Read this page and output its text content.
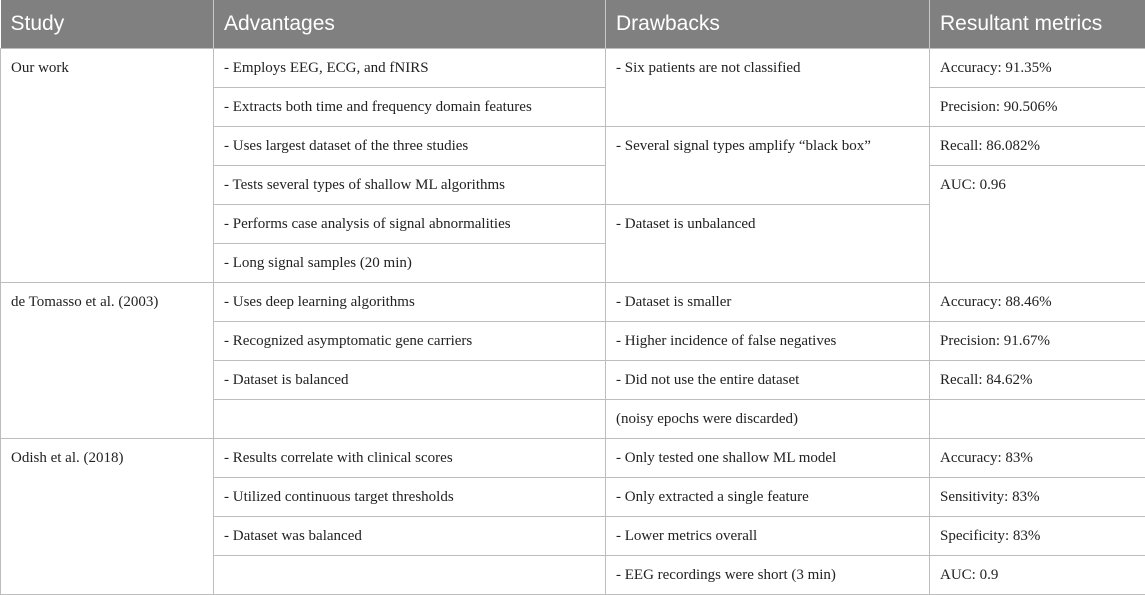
Study	Advantages	Drawbacks	Resultant metrics
Our work	- Employs EEG, ECG, and fNIRS	- Six patients are not classified	Accuracy: 91.35%
	- Extracts both time and frequency domain features		Precision: 90.506%
	- Uses largest dataset of the three studies	- Several signal types amplify “black box”	Recall: 86.082%
	- Tests several types of shallow ML algorithms		AUC: 0.96
	- Performs case analysis of signal abnormalities	- Dataset is unbalanced	
	- Long signal samples (20 min)		
de Tomasso et al. (2003)	- Uses deep learning algorithms	- Dataset is smaller	Accuracy: 88.46%
	- Recognized asymptomatic gene carriers	- Higher incidence of false negatives	Precision: 91.67%
	- Dataset is balanced	- Did not use the entire dataset	Recall: 84.62%
		(noisy epochs were discarded)	
Odish et al. (2018)	- Results correlate with clinical scores	- Only tested one shallow ML model	Accuracy: 83%
	- Utilized continuous target thresholds	- Only extracted a single feature	Sensitivity: 83%
	- Dataset was balanced	- Lower metrics overall	Specificity: 83%
		- EEG recordings were short (3 min)	AUC: 0.9
